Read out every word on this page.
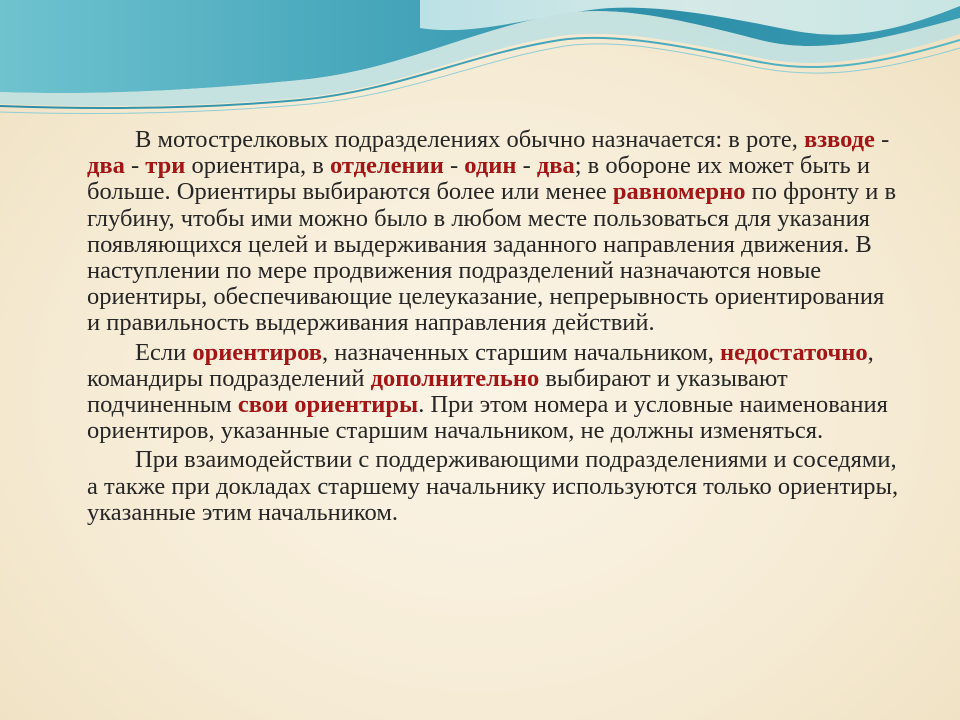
В мотострелковых подразделениях обычно назначается: в роте, взводе - два - три ориентира, в отделении - один - два; в обороне их может быть и больше. Ориентиры выбираются более или менее равномерно по фронту и в глубину, чтобы ими можно было в любом месте пользоваться для указания появляющихся целей и выдерживания заданного направления движения. В наступлении по мере продвижения подразделений назначаются новые ориентиры, обеспечивающие целеуказание, непрерывность ориентирования и правильность выдерживания направления действий.

Если ориентиров, назначенных старшим начальником, недостаточно, командиры подразделений дополнительно выбирают и указывают подчиненным свои ориентиры. При этом номера и условные наименования ориентиров, указанные старшим начальником, не должны изменяться.

При взаимодействии с поддерживающими подразделениями и соседями, а также при докладах старшему начальнику используются только ориентиры, указанные этим начальником.
